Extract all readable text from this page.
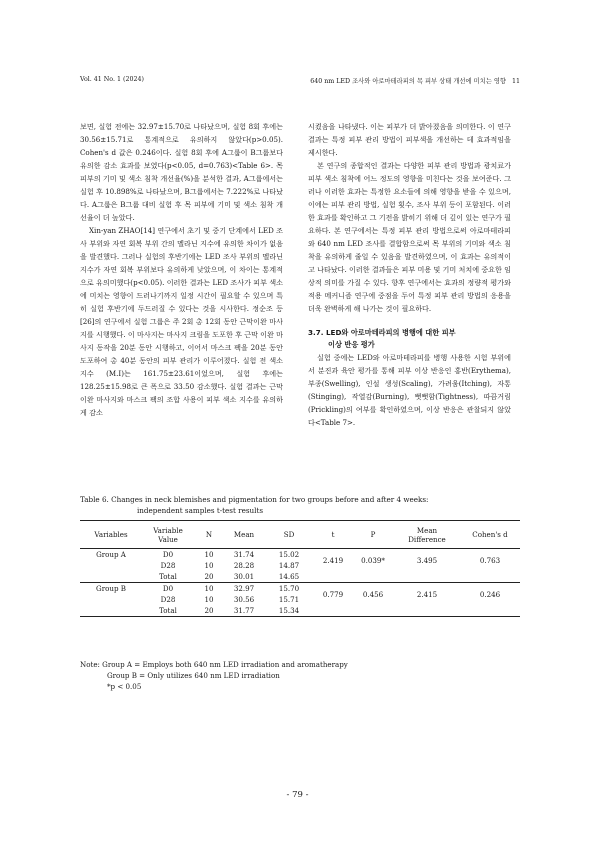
Vol. 41 No. 1 (2024)	640 nm LED 조사와 아로마테라피의 목 피부 상태 개선에 미치는 영향 11

보면, 실험 전에는 32.97±15.70로 나타났으며, 실험 8회 후에는 30.56±15.71로 통계적으로 유의하지 않았다(p>0.05). Cohen's d 값은 0.246이다. 실험 8회 후에 A그룹이 B그룹보다 유의한 감소 효과를 보였다(p<0.05, d=0.763)<Table 6>. 목 피부의 기미 및 색소 침착 개선율(%)을 분석한 결과, A그룹에서는 실험 후 10.898%로 나타났으며, B그룹에서는 7.222%로 나타났다. A그룹은 B그룹 대비 실험 후 목 피부에 기미 및 색소 침착 개선율이 더 높았다.

Xin-yan ZHAO[14] 연구에서 초기 및 중기 단계에서 LED 조사 부위와 자연 회복 부위 간의 멜라닌 지수에 유의한 차이가 없음을 발견했다. 그러나 실험의 후반기에는 LED 조사 부위의 멜라닌 지수가 자연 회복 부위보다 유의하게 낮았으며, 이 차이는 통계적으로 유의미했다(p<0.05). 이러한 결과는 LED 조사가 피부 색소에 미치는 영향이 드러나기까지 일정 시간이 필요할 수 있으며 특히 실험 후반기에 두드러질 수 있다는 것을 시사한다. 정순조 등[26]의 연구에서 실험 그룹은 주 2회 총 12회 동안 근막이완 마사지를 시행했다. 이 마사지는 마사지 크림을 도포한 후 근막 이완 마사지 동작을 20분 동안 시행하고, 이어서 마스크 팩을 20분 동안 도포하여 총 40분 동안의 피부 관리가 이루어졌다. 실험 전 색소 지수 (M.I)는 161.75±23.61이었으며, 실험 후에는 128.25±15.98로 큰 폭으로 33.50 감소했다. 실험 결과는 근막 이완 마사지와 마스크 팩의 조합 사용이 피부 색소 지수를 유의하게 감소

시켰음을 나타냈다. 이는 피부가 더 밝아졌음을 의미한다. 이 연구 결과는 특정 피부 관리 방법이 피부색을 개선하는 데 효과적임을 제시한다.

본 연구의 종합적인 결과는 다양한 피부 관리 방법과 광치료가 피부 색소 침착에 어느 정도의 영향을 미친다는 것을 보여준다. 그러나 이러한 효과는 특정한 요소들에 의해 영향을 받을 수 있으며, 이에는 피부 관리 방법, 실험 횟수, 조사 부위 등이 포함된다. 이러한 효과를 확인하고 그 기전을 밝히기 위해 더 깊이 있는 연구가 필요하다. 본 연구에서는 특정 피부 관리 방법으로써 아로마테라피와 640 nm LED 조사를 결합함으로써 목 부위의 기미와 색소 침착을 유의하게 줄일 수 있음을 발견하였으며, 이 효과는 유의적이고 나타났다. 이러한 결과들은 피부 미용 및 기미 처치에 중요한 임상적 의미를 가질 수 있다. 향후 연구에서는 효과의 정량적 평가와 적용 메커니즘 연구에 중점을 두어 특정 피부 관리 방법의 응용을 더욱 완벽하게 해 나가는 것이 필요하다.

3.7. LED와 아로마테라피의 병행에 대한 피부
이상 반응 평가

실험 중에는 LED와 아로마테라피를 병행 사용한 시험 부위에서 분진과 육안 평가를 통해 피부 이상 반응인 홍반(Erythema), 부종(Swelling), 인설 생성(Scaling), 가려움(Itching), 자통(Stinging), 작열감(Burning), 뻣뻣함(Tightness), 따끔거림(Prickling)의 여부를 확인하였으며, 이상 반응은 관찰되지 않았다<Table 7>.

Table 6. Changes in neck blemishes and pigmentation for two groups before and after 4 weeks:
independent samples t-test results
Variables	Variable
Value	N	Mean	SD	t	P	Mean
Difference	Cohen's d
Group A	D0	10	31.74	15.02	2.419	0.039*	3.495	0.763
	D28	10	28.28	14.87				
	Total	20	30.01	14.65				
Group B	D0	10	32.97	15.70	0.779	0.456	2.415	0.246
	D28	10	30.56	15.71				
	Total	20	31.77	15.34				
Note: Group A = Employs both 640 nm LED irradiation and aromatherapy
Group B = Only utilizes 640 nm LED irradiation
*p < 0.05
- 79 -
